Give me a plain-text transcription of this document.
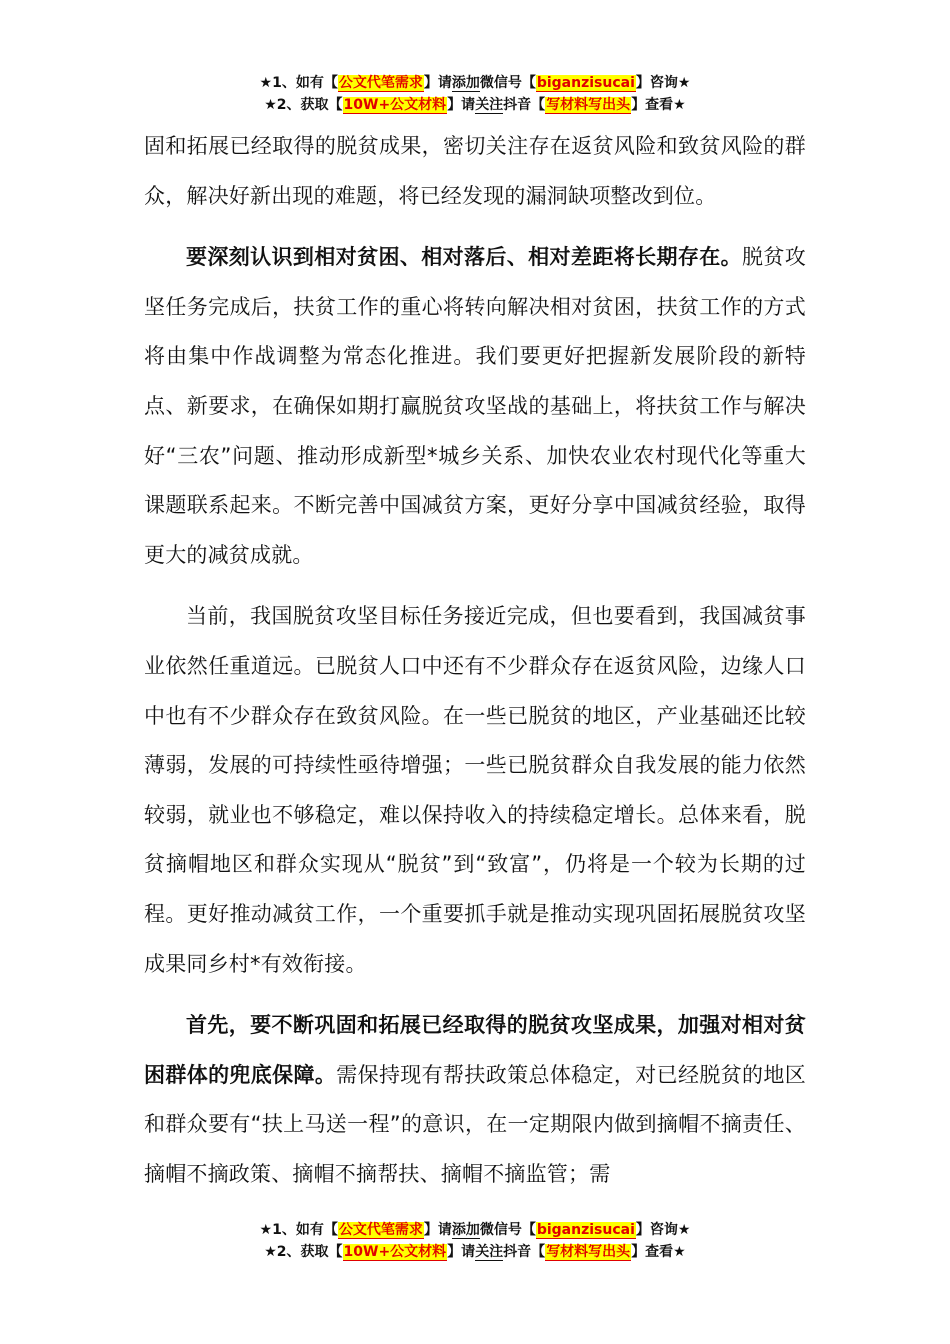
★1、如有【公文代笔需求】请添加微信号【biganzisucai】咨询★
★2、获取【10W+公文材料】请关注抖音【写材料写出头】查看★

固和拓展已经取得的脱贫成果，密切关注存在返贫风险和致贫风险的群众，解决好新出现的难题，将已经发现的漏洞缺项整改到位。

要深刻认识到相对贫困、相对落后、相对差距将长期存在。脱贫攻坚任务完成后，扶贫工作的重心将转向解决相对贫困，扶贫工作的方式将由集中作战调整为常态化推进。我们要更好把握新发展阶段的新特点、新要求，在确保如期打赢脱贫攻坚战的基础上，将扶贫工作与解决好“三农”问题、推动形成新型*城乡关系、加快农业农村现代化等重大课题联系起来。不断完善中国减贫方案，更好分享中国减贫经验，取得更大的减贫成就。

当前，我国脱贫攻坚目标任务接近完成，但也要看到，我国减贫事业依然任重道远。已脱贫人口中还有不少群众存在返贫风险，边缘人口中也有不少群众存在致贫风险。在一些已脱贫的地区，产业基础还比较薄弱，发展的可持续性亟待增强；一些已脱贫群众自我发展的能力依然较弱，就业也不够稳定，难以保持收入的持续稳定增长。总体来看，脱贫摘帽地区和群众实现从“脱贫”到“致富”，仍将是一个较为长期的过程。更好推动减贫工作，一个重要抓手就是推动实现巩固拓展脱贫攻坚成果同乡村*有效衔接。

首先，要不断巩固和拓展已经取得的脱贫攻坚成果，加强对相对贫困群体的兜底保障。需保持现有帮扶政策总体稳定，对已经脱贫的地区和群众要有“扶上马送一程”的意识，在一定期限内做到摘帽不摘责任、摘帽不摘政策、摘帽不摘帮扶、摘帽不摘监管；需

★1、如有【公文代笔需求】请添加微信号【biganzisucai】咨询★
★2、获取【10W+公文材料】请关注抖音【写材料写出头】查看★
